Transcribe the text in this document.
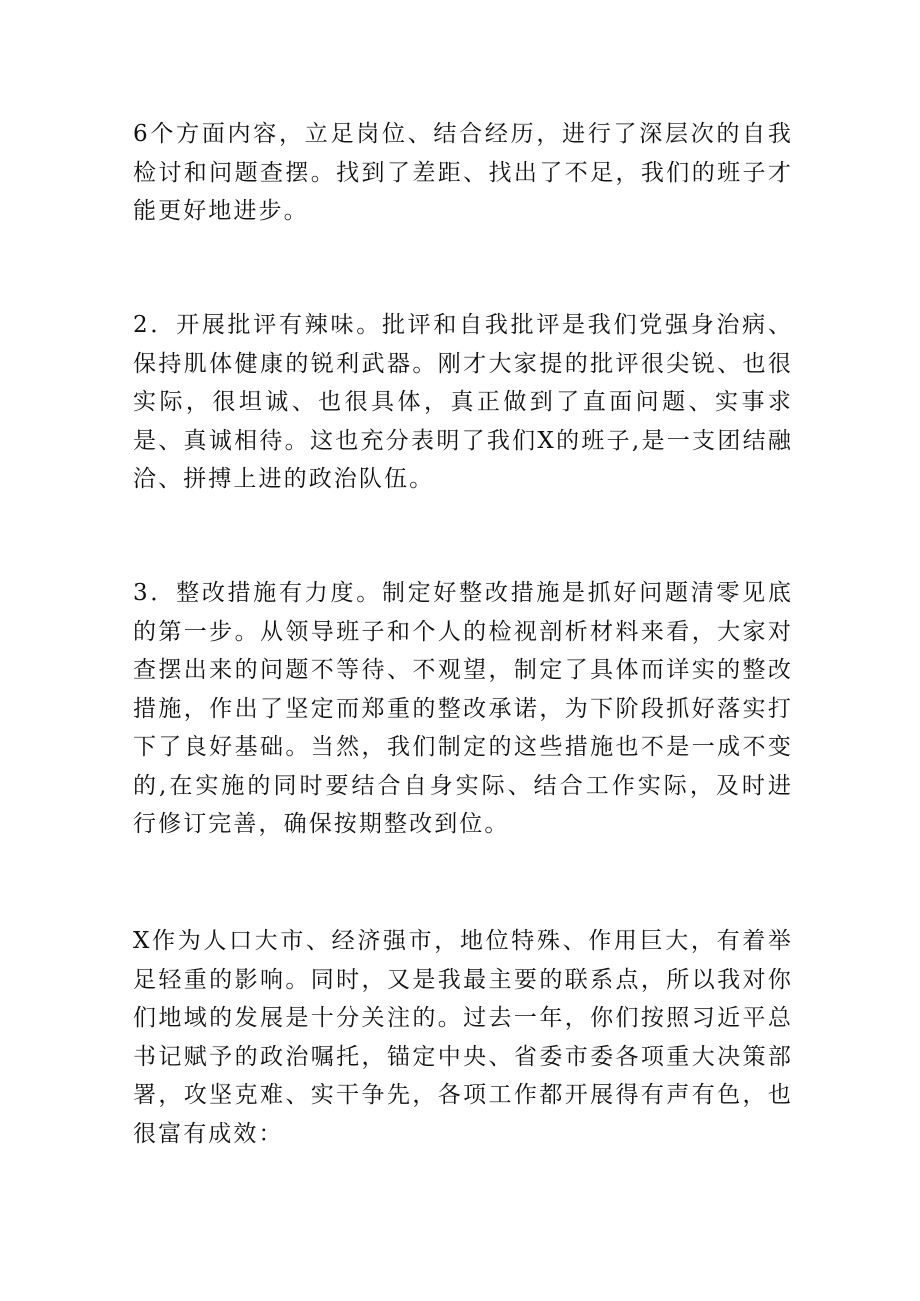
6个方面内容，立足岗位、结合经历，进行了深层次的自我检讨和问题查摆。找到了差距、找出了不足，我们的班子才能更好地进步。

2．开展批评有辣味。批评和自我批评是我们党强身治病、保持肌体健康的锐利武器。刚才大家提的批评很尖锐、也很实际，很坦诚、也很具体，真正做到了直面问题、实事求是、真诚相待。这也充分表明了我们X的班子,是一支团结融洽、拼搏上进的政治队伍。

3．整改措施有力度。制定好整改措施是抓好问题清零见底的第一步。从领导班子和个人的检视剖析材料来看，大家对查摆出来的问题不等待、不观望，制定了具体而详实的整改措施，作出了坚定而郑重的整改承诺，为下阶段抓好落实打下了良好基础。当然，我们制定的这些措施也不是一成不变的,在实施的同时要结合自身实际、结合工作实际，及时进行修订完善，确保按期整改到位。

X作为人口大市、经济强市，地位特殊、作用巨大，有着举足轻重的影响。同时，又是我最主要的联系点，所以我对你们地域的发展是十分关注的。过去一年，你们按照习近平总书记赋予的政治嘱托，锚定中央、省委市委各项重大决策部署，攻坚克难、实干争先，各项工作都开展得有声有色，也很富有成效：
